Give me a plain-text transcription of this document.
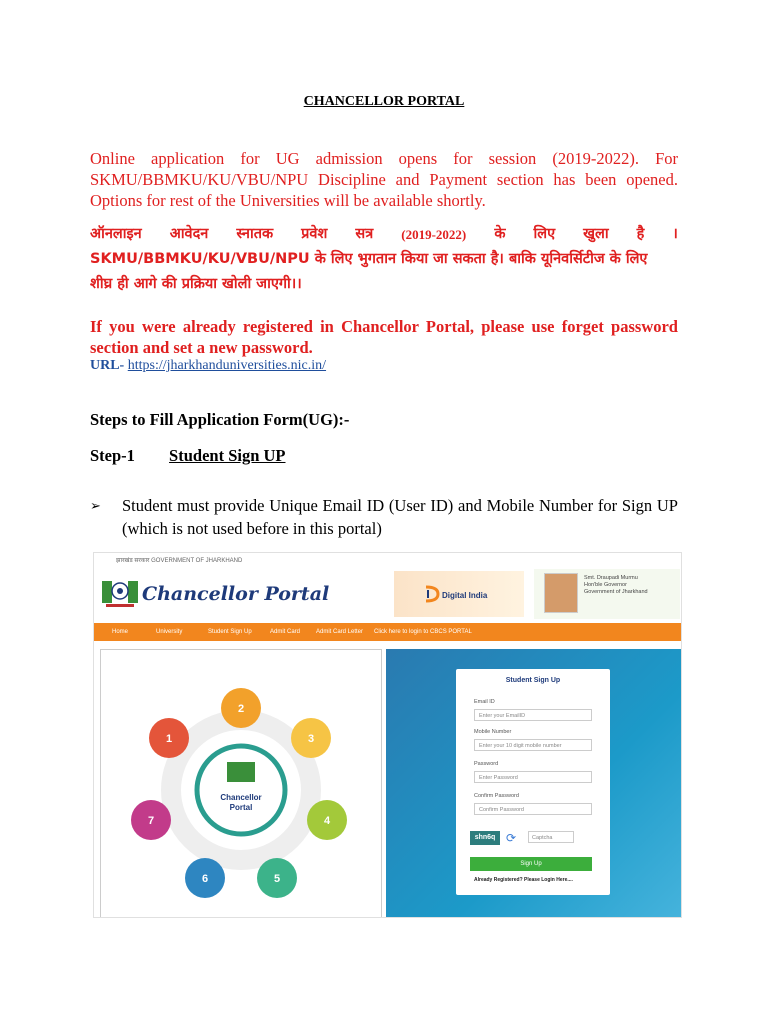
CHANCELLOR PORTAL
Online application for UG admission opens for session (2019-2022). For SKMU/BBMKU/KU/VBU/NPU Discipline and Payment section has been opened. Options for rest of the Universities will be available shortly.
ऑनलाइन आवेदन स्नातक प्रवेश सत्र (2019-2022) के लिए खुला है ।
SKMU/BBMKU/KU/VBU/NPU के लिए भुगतान किया जा सकता है। बाकि यूनिवर्सिटीज के लिए
शीघ्र ही आगे की प्रक्रिया खोली जाएगी।।
If you were already registered in Chancellor Portal, please use forget password section and set a new password.
URL- https://jharkhanduniversities.nic.in/
Steps to Fill Application Form(UG):-
Step-1 Student Sign UP
➢ Student must provide Unique Email ID (User ID) and Mobile Number for Sign UP (which is not used before in this portal)
झारखंड सरकार GOVERNMENT OF JHARKHAND
Chancellor Portal	Digital India
Smt. Draupadi Murmu
Hon'ble Governor
Government of Jharkhand
Home	University	Student Sign Up	Admit Card	Admit Card Letter Click here to login to CBCS PORTAL
2
3
4
5
6
7
1
Chancellor
Portal
Student Sign Up
Email ID
Enter your EmailID
Mobile Number
Enter your 10 digit mobile number
Password
Enter Password
Confirm Password
Confirm Password
shn6q ⟳	Captcha
Sign Up
Already Registered? Please Login Here....
